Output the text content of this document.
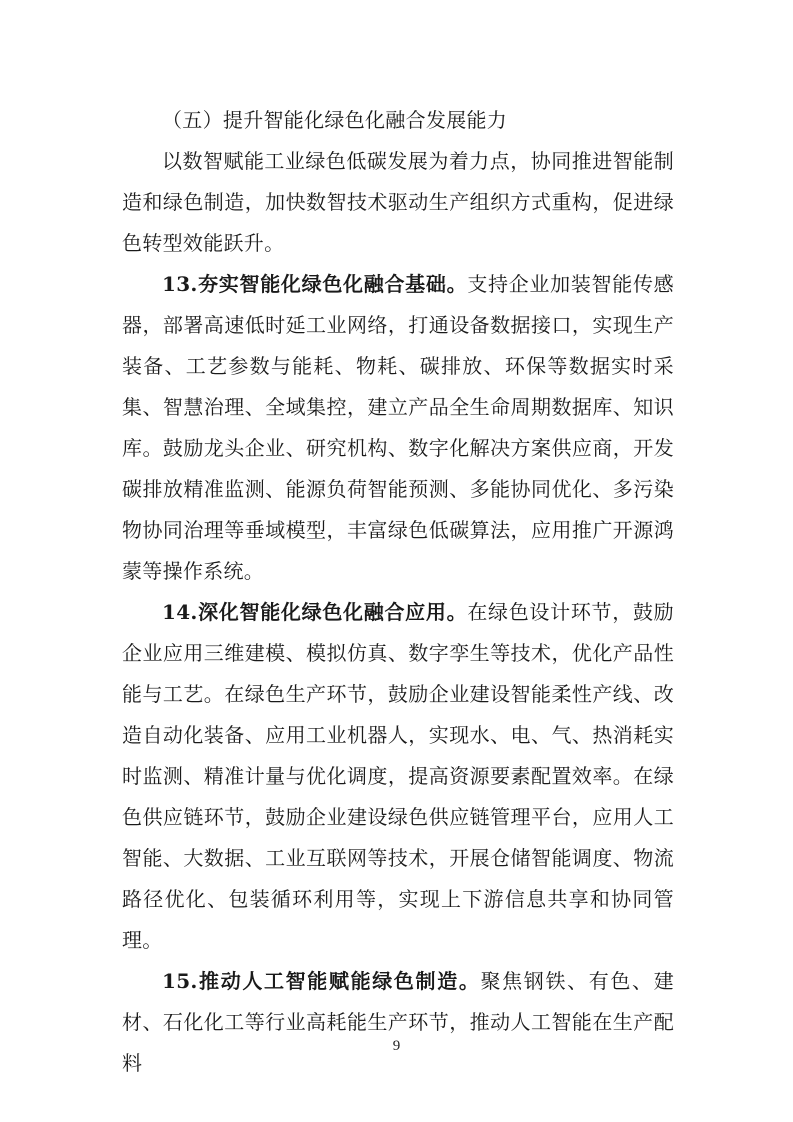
（五）提升智能化绿色化融合发展能力

以数智赋能工业绿色低碳发展为着力点，协同推进智能制造和绿色制造，加快数智技术驱动生产组织方式重构，促进绿色转型效能跃升。

13.夯实智能化绿色化融合基础。支持企业加装智能传感器，部署高速低时延工业网络，打通设备数据接口，实现生产装备、工艺参数与能耗、物耗、碳排放、环保等数据实时采集、智慧治理、全域集控，建立产品全生命周期数据库、知识库。鼓励龙头企业、研究机构、数字化解决方案供应商，开发碳排放精准监测、能源负荷智能预测、多能协同优化、多污染物协同治理等垂域模型，丰富绿色低碳算法，应用推广开源鸿蒙等操作系统。

14.深化智能化绿色化融合应用。在绿色设计环节，鼓励企业应用三维建模、模拟仿真、数字孪生等技术，优化产品性能与工艺。在绿色生产环节，鼓励企业建设智能柔性产线、改造自动化装备、应用工业机器人，实现水、电、气、热消耗实时监测、精准计量与优化调度，提高资源要素配置效率。在绿色供应链环节，鼓励企业建设绿色供应链管理平台，应用人工智能、大数据、工业互联网等技术，开展仓储智能调度、物流路径优化、包装循环利用等，实现上下游信息共享和协同管理。

15.推动人工智能赋能绿色制造。聚焦钢铁、有色、建材、石化化工等行业高耗能生产环节，推动人工智能在生产配料

9
